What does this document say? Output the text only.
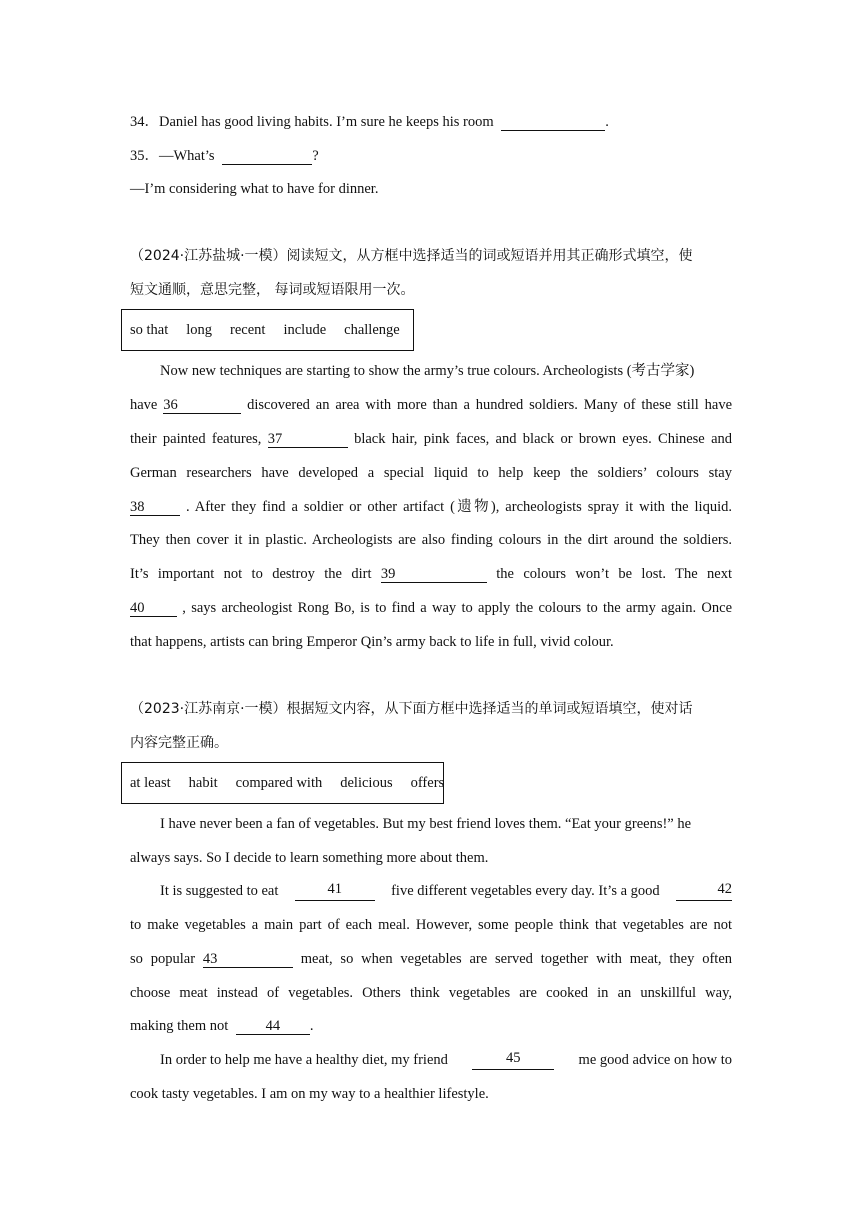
34．Daniel has good living habits. I’m sure he keeps his room	.
35．—What’s	?
—I’m considering what to have for dinner.
（2024·江苏盐城·一模）阅读短文，从方框中选择适当的词或短语并用其正确形式填空，使
短文通顺，意思完整， 每词或短语限用一次。
so that long recent include challenge
Now new techniques are starting to show the army’s true colours. Archeologists (考古学家)
have 36	discovered an area with more than a hundred soldiers. Many of these still have
their painted features, 37	black hair, pink faces, and black or brown eyes. Chinese and
German researchers have developed a special liquid to help keep the soldiers’ colours stay
38	. After they find a soldier or other artifact (遗物), archeologists spray it with the liquid.
They then cover it in plastic. Archeologists are also finding colours in the dirt around the soldiers.
It’s important not to destroy the dirt 39	the colours won’t be lost. The next
40	, says archeologist Rong Bo, is to find a way to apply the colours to the army again. Once
that happens, artists can bring Emperor Qin’s army back to life in full, vivid colour.
（2023·江苏南京·一模）根据短文内容，从下面方框中选择适当的单词或短语填空，使对话
内容完整正确。
at least habit compared with delicious offers
I have never been a fan of vegetables. But my best friend loves them. “Eat your greens!” he
always says. So I decide to learn something more about them.
It is suggested to eat	41	five different vegetables every day. It’s a good	42
to make vegetables a main part of each meal. However, some people think that vegetables are not
so popular 43	meat, so when vegetables are served together with meat, they often
choose meat instead of vegetables. Others think vegetables are cooked in an unskillful way,
making them not	44 .
In order to help me have a healthy diet, my friend	45	me good advice on how to
cook tasty vegetables. I am on my way to a healthier lifestyle.
